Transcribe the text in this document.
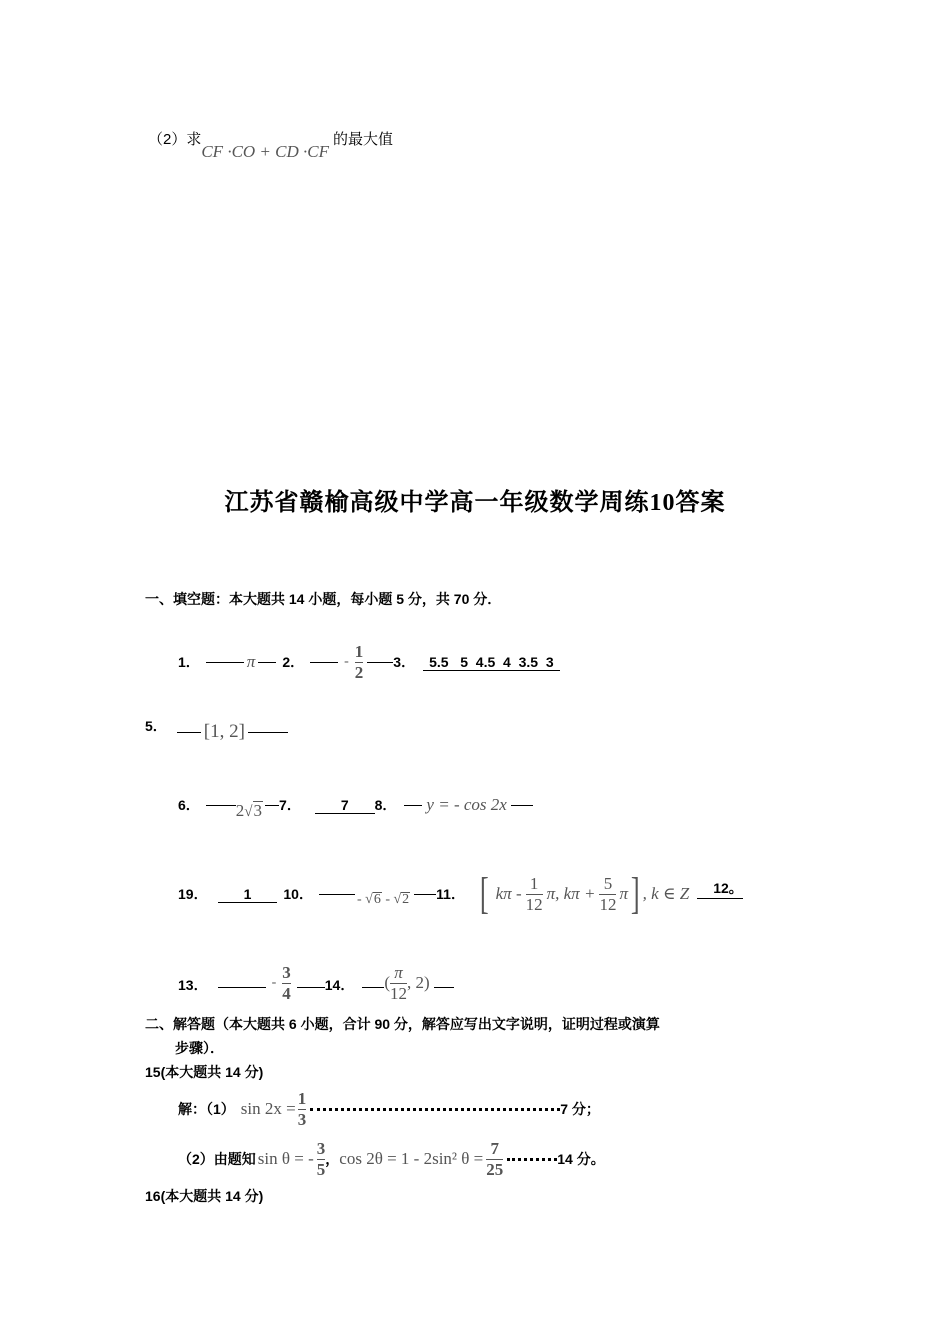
（2）求CF ·CO + CD ·CF的最大值
江苏省赣榆高级中学高一年级数学周练10答案
一、填空题：本大题共 14 小题，每小题 5 分，共 70 分．
1．	π 2．	- $\frac{1}{2} 3$．	5.5   5  4.5  4  3.5  3
5． [1, 2]
6． 2√3 7．	7	8． y = - cos 2x
19．	1	10．	- √6 - √2 11． [ kπ - $\frac{1}{12} \pi$, $k\pi + \frac{5}{12}$ π ] , k ∈ Z	12。
13．	- $\frac{3}{4} 14$． ( $\frac{\pi}{12}$ , 2)
二、解答题（本大题共 6 小题，合计 90 分，解答应写出文字说明，证明过程或演算
步骤）．
15(本大题共 14 分)
解：（1） $\sin 2x = \frac{1}{3}$	7 分；
（2）由题知 sin θ = - $\frac{3}{5}$ ， cos 2θ = 1 - 2sin² $\theta = \frac{7}{25}$	14 分。
16(本大题共 14 分)
